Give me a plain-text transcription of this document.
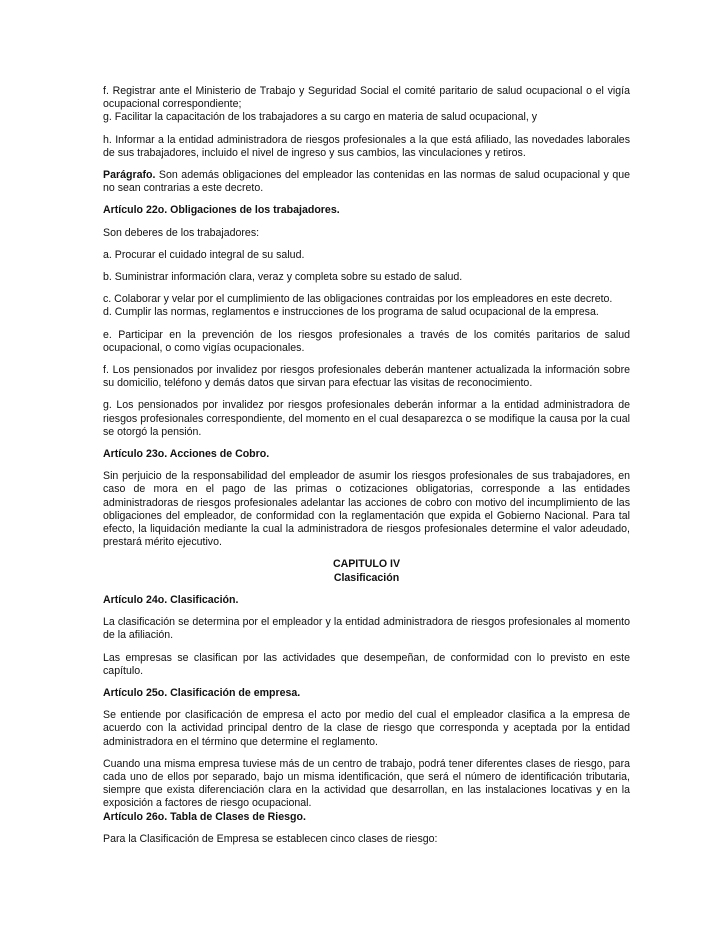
f. Registrar ante el Ministerio de Trabajo y Seguridad Social el comité paritario de salud ocupacional o el vigía ocupacional correspondiente;

g. Facilitar la capacitación de los trabajadores a su cargo en materia de salud ocupacional, y

h. Informar a la entidad administradora de riesgos profesionales a la que está afiliado, las novedades laborales de sus trabajadores, incluido el nivel de ingreso y sus cambios, las vinculaciones y retiros.

Parágrafo. Son además obligaciones del empleador las contenidas en las normas de salud ocupacional y que no sean contrarias a este decreto.

Artículo 22o. Obligaciones de los trabajadores.

Son deberes de los trabajadores:

a. Procurar el cuidado integral de su salud.

b. Suministrar información clara, veraz y completa sobre su estado de salud.

c. Colaborar y velar por el cumplimiento de las obligaciones contraidas por los empleadores en este decreto.

d. Cumplir las normas, reglamentos e instrucciones de los programa de salud ocupacional de la empresa.

e. Participar en la prevención de los riesgos profesionales a través de los comités paritarios de salud ocupacional, o como vigías ocupacionales.

f. Los pensionados por invalidez por riesgos profesionales deberán mantener actualizada la información sobre su domicilio, teléfono y demás datos que sirvan para efectuar las visitas de reconocimiento.

g. Los pensionados por invalidez por riesgos profesionales deberán informar a la entidad administradora de riesgos profesionales correspondiente, del momento en el cual desaparezca o se modifique la causa por la cual se otorgó la pensión.

Artículo 23o. Acciones de Cobro.

Sin perjuicio de la responsabilidad del empleador de asumir los riesgos profesionales de sus trabajadores, en caso de mora en el pago de las primas o cotizaciones obligatorias, corresponde a las entidades administradoras de riesgos profesionales adelantar las acciones de cobro con motivo del incumplimiento de las obligaciones del empleador, de conformidad con la reglamentación que expida el Gobierno Nacional. Para tal efecto, la liquidación mediante la cual la administradora de riesgos profesionales determine el valor adeudado, prestará mérito ejecutivo.

CAPITULO IV
Clasificación

Artículo 24o. Clasificación.

La clasificación se determina por el empleador y la entidad administradora de riesgos profesionales al momento de la afiliación.

Las empresas se clasifican por las actividades que desempeñan, de conformidad con lo previsto en este capítulo.

Artículo 25o. Clasificación de empresa.

Se entiende por clasificación de empresa el acto por medio del cual el empleador clasifica a la empresa de acuerdo con la actividad principal dentro de la clase de riesgo que corresponda y aceptada por la entidad administradora en el término que determine el reglamento.

Cuando una misma empresa tuviese más de un centro de trabajo, podrá tener diferentes clases de riesgo, para cada uno de ellos por separado, bajo un misma identificación, que será el número de identificación tributaria, siempre que exista diferenciación clara en la actividad que desarrollan, en las instalaciones locativas y en la exposición a factores de riesgo ocupacional.

Artículo 26o. Tabla de Clases de Riesgo.

Para la Clasificación de Empresa se establecen cinco clases de riesgo:
